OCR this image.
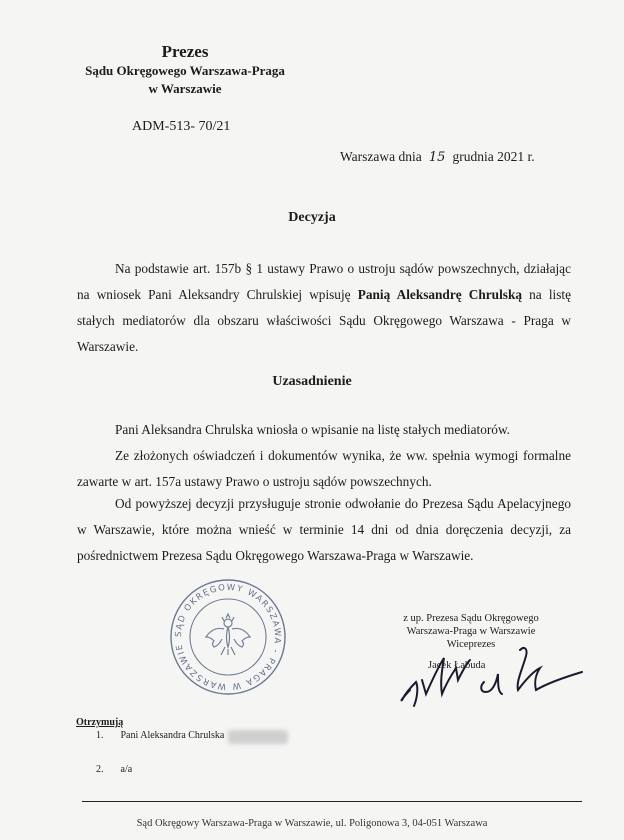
Prezes
Sądu Okręgowego Warszawa-Praga
w Warszawie
ADM-513- 70/21
Warszawa dnia 15 grudnia 2021 r.
Decyzja
Na podstawie art. 157b § 1 ustawy Prawo o ustroju sądów powszechnych, działając na wniosek Pani Aleksandry Chrulskiej wpisuję Panią Aleksandrę Chrulską na listę stałych mediatorów dla obszaru właściwości Sądu Okręgowego Warszawa - Praga w Warszawie.
Uzasadnienie
Pani Aleksandra Chrulska wniosła o wpisanie na listę stałych mediatorów.
Ze złożonych oświadczeń i dokumentów wynika, że ww. spełnia wymogi formalne zawarte w art. 157a ustawy Prawo o ustroju sądów powszechnych.
Od powyższej decyzji przysługuje stronie odwołanie do Prezesa Sądu Apelacyjnego w Warszawie, które można wnieść w terminie 14 dni od dnia doręczenia decyzji, za pośrednictwem Prezesa Sądu Okręgowego Warszawa-Praga w Warszawie.
SĄD OKRĘGOWY WARSZAWA - PRAGA W WARSZAWIE
z up. Prezesa Sądu Okręgowego
Warszawa-Praga w Warszawie
Wiceprezes
Jacek Łabuda
Otrzymują
1. Pani Aleksandra Chrulska
2. a/a
Sąd Okręgowy Warszawa-Praga w Warszawie, ul. Poligonowa 3, 04-051 Warszawa
